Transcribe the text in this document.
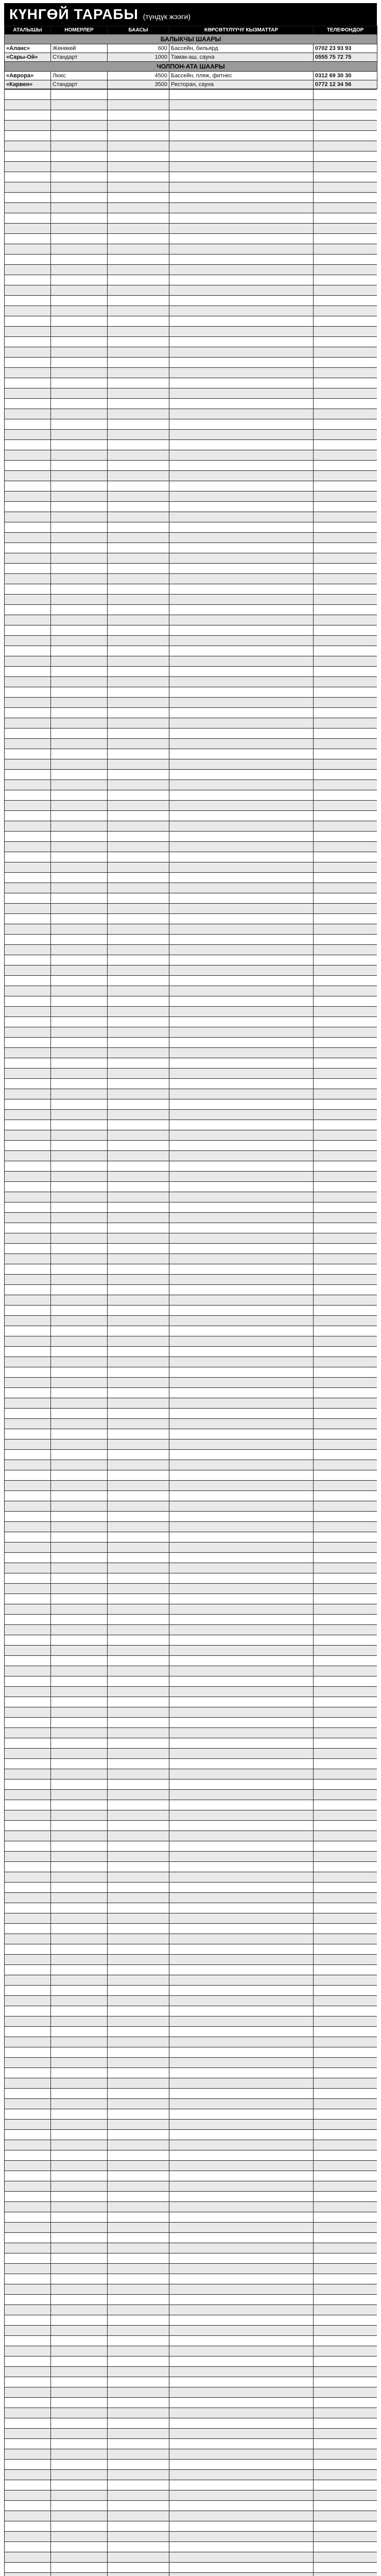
КҮНГӨЙ ТАРАБЫ (түндүк жээги)
АТАЛЫШЫ	НОМЕРЛЕР	БААСЫ	КӨРСӨТҮЛҮҮЧҮ КЫЗМАТТАР	ТЕЛЕФОНДОР
БАЛЫКЧЫ ШААРЫ				
«Аланс»	Жөнөкөй	600	Бассейн, бильярд	0702 23 93 93
«Сары-Ой»	Стандарт	1000	Тамак-аш, сауна	0555 75 72 75
ЧОЛПОН-АТА ШААРЫ				
«Аврора»	Люкс	4500	Бассейн, пляж, фитнес	0312 69 30 30
«Карвен»	Стандарт	3500	Ресторан, сауна	0772 12 34 56
